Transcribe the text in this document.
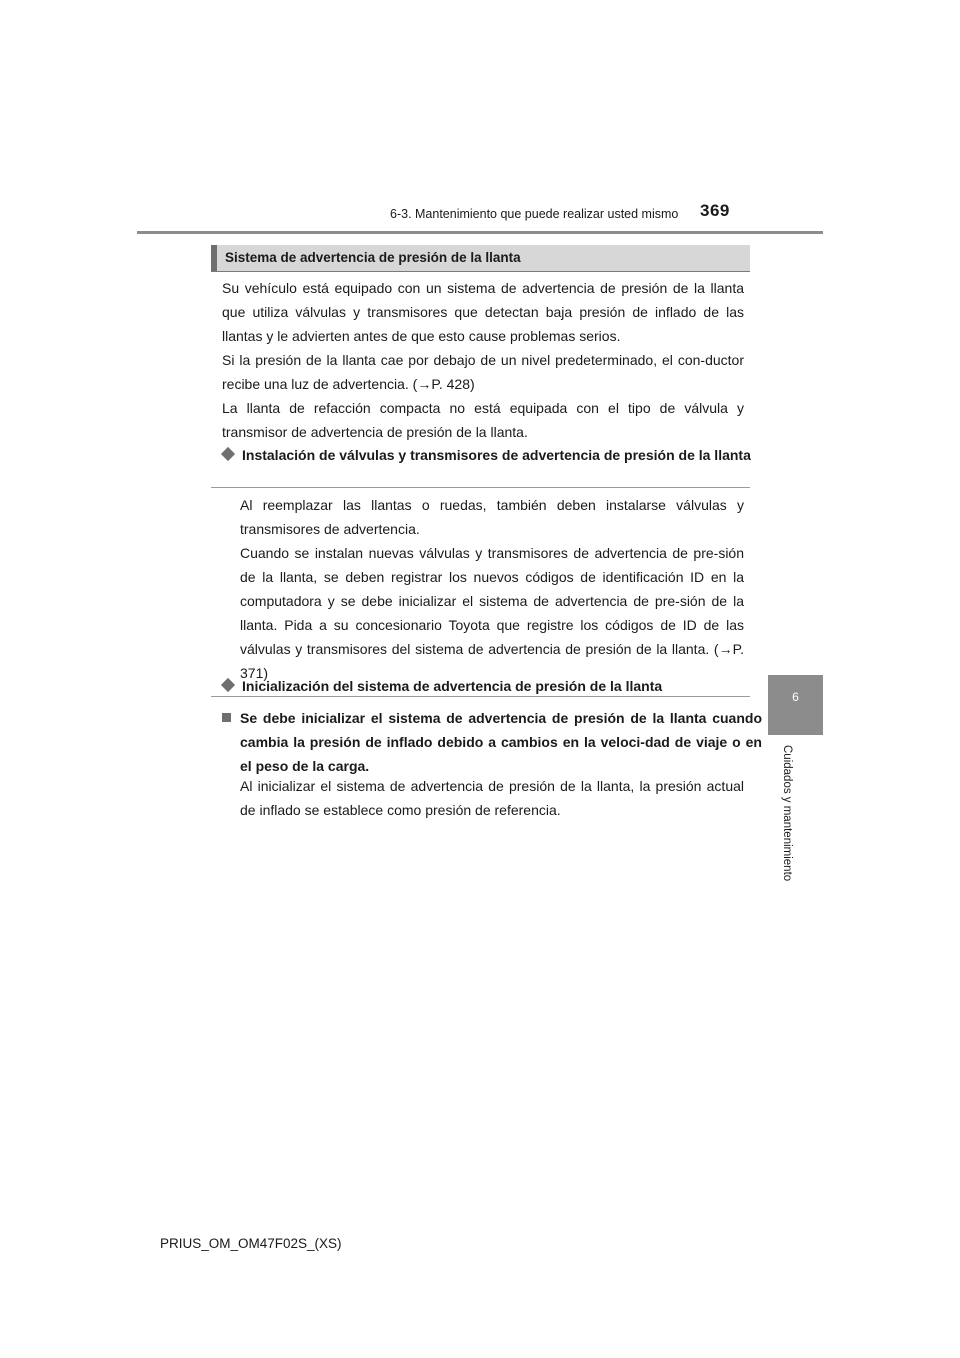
6-3. Mantenimiento que puede realizar usted mismo	369
6
Cuidados y mantenimiento
Sistema de advertencia de presión de la llanta

Su vehículo está equipado con un sistema de advertencia de presión de la llanta que utiliza válvulas y transmisores que detectan baja presión de inflado de las llantas y le advierten antes de que esto cause problemas serios.

Si la presión de la llanta cae por debajo de un nivel predeterminado, el con-ductor recibe una luz de advertencia. (→P. 428)

La llanta de refacción compacta no está equipada con el tipo de válvula y transmisor de advertencia de presión de la llanta.

Instalación de válvulas y transmisores de advertencia de presión de la llanta

Al reemplazar las llantas o ruedas, también deben instalarse válvulas y transmisores de advertencia.

Cuando se instalan nuevas válvulas y transmisores de advertencia de pre-sión de la llanta, se deben registrar los nuevos códigos de identificación ID en la computadora y se debe inicializar el sistema de advertencia de pre-sión de la llanta. Pida a su concesionario Toyota que registre los códigos de ID de las válvulas y transmisores del sistema de advertencia de presión de la llanta. (→P. 371)

Inicialización del sistema de advertencia de presión de la llanta

Se debe inicializar el sistema de advertencia de presión de la llanta cuando cambia la presión de inflado debido a cambios en la veloci-dad de viaje o en el peso de la carga.

Al inicializar el sistema de advertencia de presión de la llanta, la presión actual de inflado se establece como presión de referencia.

PRIUS_OM_OM47F02S_(XS)
